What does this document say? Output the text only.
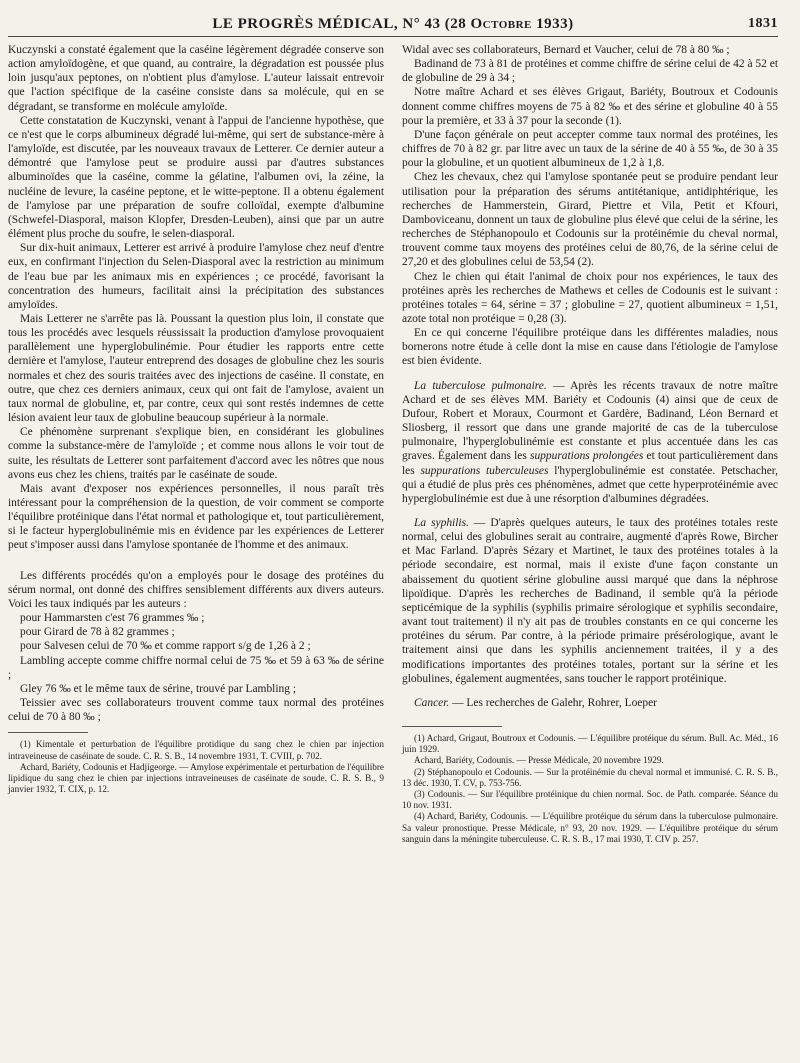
LE PROGRÈS MÉDICAL, N° 43 (28 Octobre 1933)	1831

Kuczynski a constaté également que la caséine légèrement dégradée conserve son action amyloïdogène, et que quand, au contraire, la dégradation est poussée plus loin jusqu'aux peptones, on n'obtient plus d'amylose. L'auteur laissait entrevoir que l'action spécifique de la caséine consiste dans sa molécule, qui en se dégradant, se transforme en molécule amyloïde.

Cette constatation de Kuczynski, venant à l'appui de l'ancienne hypothèse, que ce n'est que le corps albumineux dégradé lui-même, qui sert de substance-mère à l'amyloïde, est discutée, par les nouveaux travaux de Letterer. Ce dernier auteur a démontré que l'amylose peut se produire aussi par d'autres substances albuminoïdes que la caséine, comme la gélatine, l'albumen ovi, la zéine, la nucléine de levure, la caséine peptone, et le witte-peptone. Il a obtenu également de l'amylose par une préparation de soufre colloïdal, exempte d'albumine (Schwefel-Diasporal, maison Klopfer, Dresden-Leuben), ainsi que par un autre élément plus proche du soufre, le selen-diasporal.

Sur dix-huit animaux, Letterer est arrivé à produire l'amylose chez neuf d'entre eux, en confirmant l'injection du Selen-Diasporal avec la restriction au minimum de l'eau bue par les animaux mis en expériences ; ce procédé, favorisant la concentration des humeurs, facilitait ainsi la précipitation des substances amyloïdes.

Mais Letterer ne s'arrête pas là. Poussant la question plus loin, il constate que tous les procédés avec lesquels réussissait la production d'amylose provoquaient parallèlement une hyperglobulinémie. Pour étudier les rapports entre cette dernière et l'amylose, l'auteur entreprend des dosages de globuline chez les souris normales et chez des souris traitées avec des injections de caséine. Il constate, en outre, que chez ces derniers animaux, ceux qui ont fait de l'amylose, avaient un taux normal de globuline, et, par contre, ceux qui sont restés indemnes de cette lésion avaient leur taux de globuline beaucoup supérieur à la normale.

Ce phénomène surprenant s'explique bien, en considérant les globulines comme la substance-mère de l'amyloïde ; et comme nous allons le voir tout de suite, les résultats de Letterer sont parfaitement d'accord avec les nôtres que nous avons eus chez les chiens, traités par le caséinate de soude.

Mais avant d'exposer nos expériences personnelles, il nous paraît très intéressant pour la compréhension de la question, de voir comment se comporte l'équilibre protéinique dans l'état normal et pathologique et, tout particulièrement, si le facteur hyperglobulinémie mis en évidence par les expériences de Letterer peut s'imposer aussi dans l'amylose spontanée de l'homme et des animaux.

Les différents procédés qu'on a employés pour le dosage des protéines du sérum normal, ont donné des chiffres sensiblement différents aux divers auteurs. Voici les taux indiqués par les auteurs :

pour Hammarsten c'est 76 grammes ‰ ;
pour Girard de 78 à 82 grammes ;
pour Salvesen celui de 70 ‰ et comme rapport s/g de 1,26 à 2 ;
Lambling accepte comme chiffre normal celui de 75 ‰ et 59 à 63 ‰ de sérine ;
Gley 76 ‰ et le même taux de sérine, trouvé par Lambling ;
Teissier avec ses collaborateurs trouvent comme taux normal des protéines celui de 70 à 80 ‰ ;

(1) Kimentale et perturbation de l'équilibre protidique du sang chez le chien par injection intraveineuse de caséinate de soude. C. R. S. B., 14 novembre 1931, T. CVIII, p. 702.

Achard, Bariéty, Codounis et Hadjigeorge. — Amylose expérimentale et perturbation de l'équilibre lipidique du sang chez le chien par injections intraveineuses de caséinate de soude. C. R. S. B., 9 janvier 1932, T. CIX, p. 12.

Widal avec ses collaborateurs, Bernard et Vaucher, celui de 78 à 80 ‰ ;

Badinand de 73 à 81 de protéines et comme chiffre de sérine celui de 42 à 52 et de globuline de 29 à 34 ;

Notre maître Achard et ses élèves Grigaut, Bariéty, Boutroux et Codounis donnent comme chiffres moyens de 75 à 82 ‰ et des sérine et globuline 40 à 55 pour la première, et 33 à 37 pour la seconde (1).

D'une façon générale on peut accepter comme taux normal des protéines, les chiffres de 70 à 82 gr. par litre avec un taux de la sérine de 40 à 55 ‰, de 30 à 35 pour la globuline, et un quotient albumineux de 1,2 à 1,8.

Chez les chevaux, chez qui l'amylose spontanée peut se produire pendant leur utilisation pour la préparation des sérums antitétanique, antidiphtérique, les recherches de Hammerstein, Girard, Piettre et Vila, Petit et Kfouri, Damboviceanu, donnent un taux de globuline plus élevé que celui de la sérine, les recherches de Stéphanopoulo et Codounis sur la protéinémie du cheval normal, trouvent comme taux moyens des protéines celui de 80,76, de la sérine celui de 27,20 et des globulines celui de 53,54 (2).

Chez le chien qui était l'animal de choix pour nos expériences, le taux des protéines après les recherches de Mathews et celles de Codounis est le suivant : protéines totales = 64, sérine = 37 ; globuline = 27, quotient albumineux = 1,51, azote total non protéique = 0,28 (3).

En ce qui concerne l'équilibre protéique dans les différentes maladies, nous bornerons notre étude à celle dont la mise en cause dans l'étiologie de l'amylose est bien évidente.

La tuberculose pulmonaire. — Après les récents travaux de notre maître Achard et de ses élèves MM. Bariéty et Codounis (4) ainsi que de ceux de Dufour, Robert et Moraux, Courmont et Gardère, Badinand, Léon Bernard et Sliosberg, il ressort que dans une grande majorité de cas de la tuberculose pulmonaire, l'hyperglobulinémie est constante et plus accentuée dans les cas graves. Également dans les suppurations prolongées et tout particulièrement dans les suppurations tuberculeuses l'hyperglobulinémie est constatée. Petschacher, qui a étudié de plus près ces phénomènes, admet que cette hyperprotéinémie avec hyperglobulinémie est due à une résorption d'albumines dégradées.

La syphilis. — D'après quelques auteurs, le taux des protéines totales reste normal, celui des globulines serait au contraire, augmenté d'après Rowe, Bircher et Mac Farland. D'après Sézary et Martinet, le taux des protéines totales à la période secondaire, est normal, mais il existe d'une façon constante un abaissement du quotient sérine globuline aussi marqué que dans la néphrose lipoïdique. D'après les recherches de Badinand, il semble qu'à la période septicémique de la syphilis (syphilis primaire sérologique et syphilis secondaire, avant tout traitement) il n'y ait pas de troubles constants en ce qui concerne les protéines du sérum. Par contre, à la période primaire présérologique, avant le traitement ainsi que dans les syphilis anciennement traitées, il y a des modifications importantes des protéines totales, portant sur la sérine et les globulines, également augmentées, sans toucher le rapport protéinique.

Cancer. — Les recherches de Galehr, Rohrer, Loeper

(1) Achard, Grigaut, Boutroux et Codounis. — L'équilibre protéique du sérum. Bull. Ac. Méd., 16 juin 1929.

Achard, Bariéty, Codounis. — Presse Médicale, 20 novembre 1929.

(2) Stéphanopoulo et Codounis. — Sur la protéinémie du cheval normal et immunisé. C. R. S. B., 13 déc. 1930, T. CV, p. 753-756.

(3) Codounis. — Sur l'équilibre protéinique du chien normal. Soc. de Path. comparée. Séance du 10 nov. 1931.

(4) Achard, Bariéty, Codounis. — L'équilibre protéique du sérum dans la tuberculose pulmonaire. Sa valeur pronostique. Presse Médicale, n° 93, 20 nov. 1929. — L'équilibre protéique du sérum sanguin dans la méningite tuberculeuse. C. R. S. B., 17 mai 1930, T. CIV p. 257.
